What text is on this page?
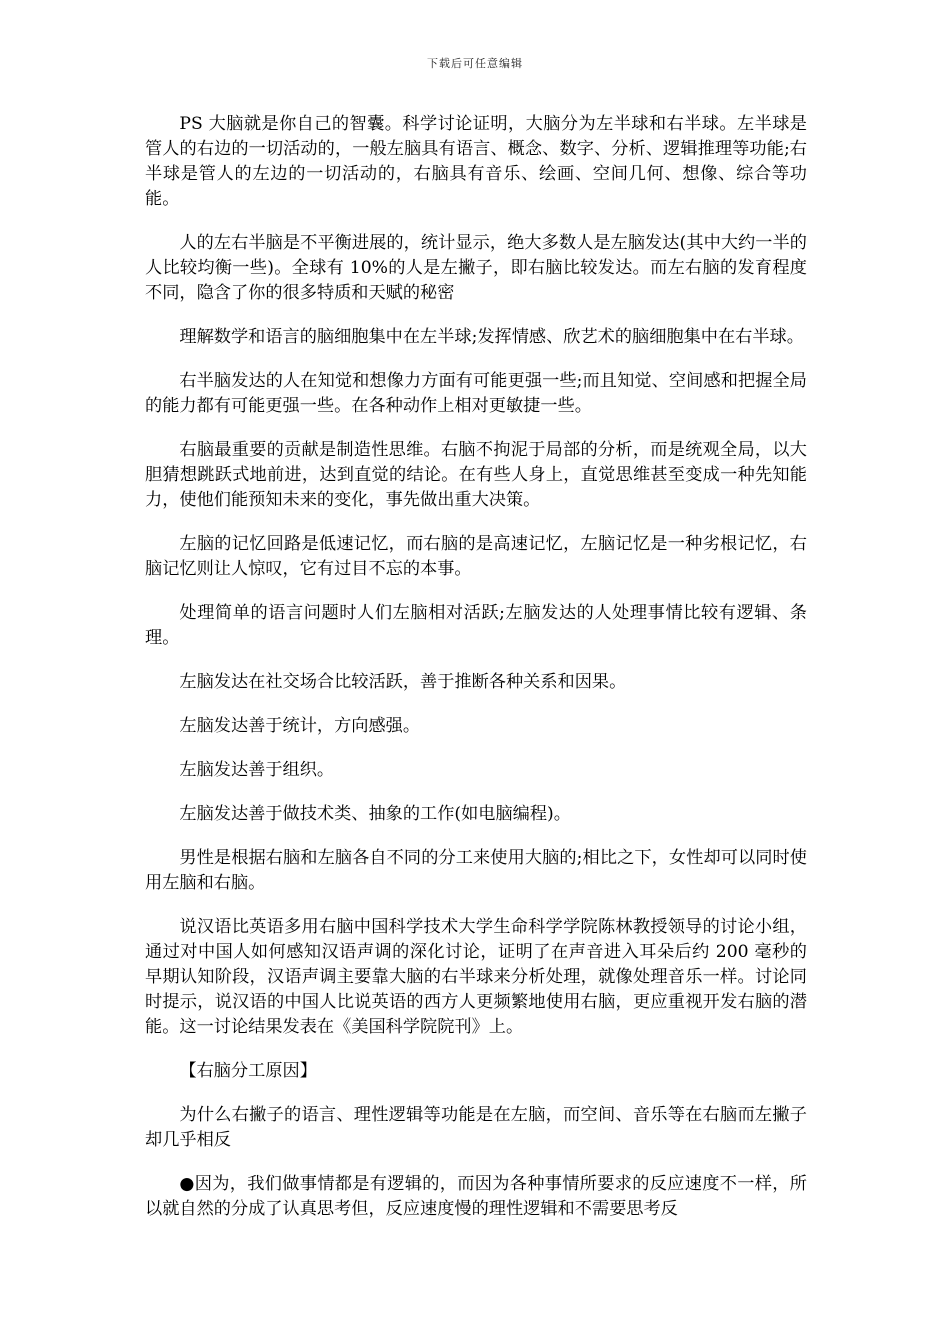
下载后可任意编辑

PS 大脑就是你自己的智囊。科学讨论证明，大脑分为左半球和右半球。左半球是管人的右边的一切活动的，一般左脑具有语言、概念、数字、分析、逻辑推理等功能;右半球是管人的左边的一切活动的，右脑具有音乐、绘画、空间几何、想像、综合等功能。

人的左右半脑是不平衡进展的，统计显示，绝大多数人是左脑发达(其中大约一半的人比较均衡一些)。全球有 10%的人是左撇子，即右脑比较发达。而左右脑的发育程度不同，隐含了你的很多特质和天赋的秘密

理解数学和语言的脑细胞集中在左半球;发挥情感、欣艺术的脑细胞集中在右半球。

右半脑发达的人在知觉和想像力方面有可能更强一些;而且知觉、空间感和把握全局的能力都有可能更强一些。在各种动作上相对更敏捷一些。

右脑最重要的贡献是制造性思维。右脑不拘泥于局部的分析，而是统观全局，以大胆猜想跳跃式地前进，达到直觉的结论。在有些人身上，直觉思维甚至变成一种先知能力，使他们能预知未来的变化，事先做出重大决策。

左脑的记忆回路是低速记忆，而右脑的是高速记忆，左脑记忆是一种劣根记忆，右脑记忆则让人惊叹，它有过目不忘的本事。

处理简单的语言问题时人们左脑相对活跃;左脑发达的人处理事情比较有逻辑、条理。

左脑发达在社交场合比较活跃，善于推断各种关系和因果。

左脑发达善于统计，方向感强。

左脑发达善于组织。

左脑发达善于做技术类、抽象的工作(如电脑编程)。

男性是根据右脑和左脑各自不同的分工来使用大脑的;相比之下，女性却可以同时使用左脑和右脑。

说汉语比英语多用右脑中国科学技术大学生命科学学院陈林教授领导的讨论小组，通过对中国人如何感知汉语声调的深化讨论，证明了在声音进入耳朵后约 200 毫秒的早期认知阶段，汉语声调主要靠大脑的右半球来分析处理，就像处理音乐一样。讨论同时提示，说汉语的中国人比说英语的西方人更频繁地使用右脑，更应重视开发右脑的潜能。这一讨论结果发表在《美国科学院院刊》上。

【右脑分工原因】

为什么右撇子的语言、理性逻辑等功能是在左脑，而空间、音乐等在右脑而左撇子却几乎相反

●因为，我们做事情都是有逻辑的，而因为各种事情所要求的反应速度不一样，所以就自然的分成了认真思考但，反应速度慢的理性逻辑和不需要思考反
